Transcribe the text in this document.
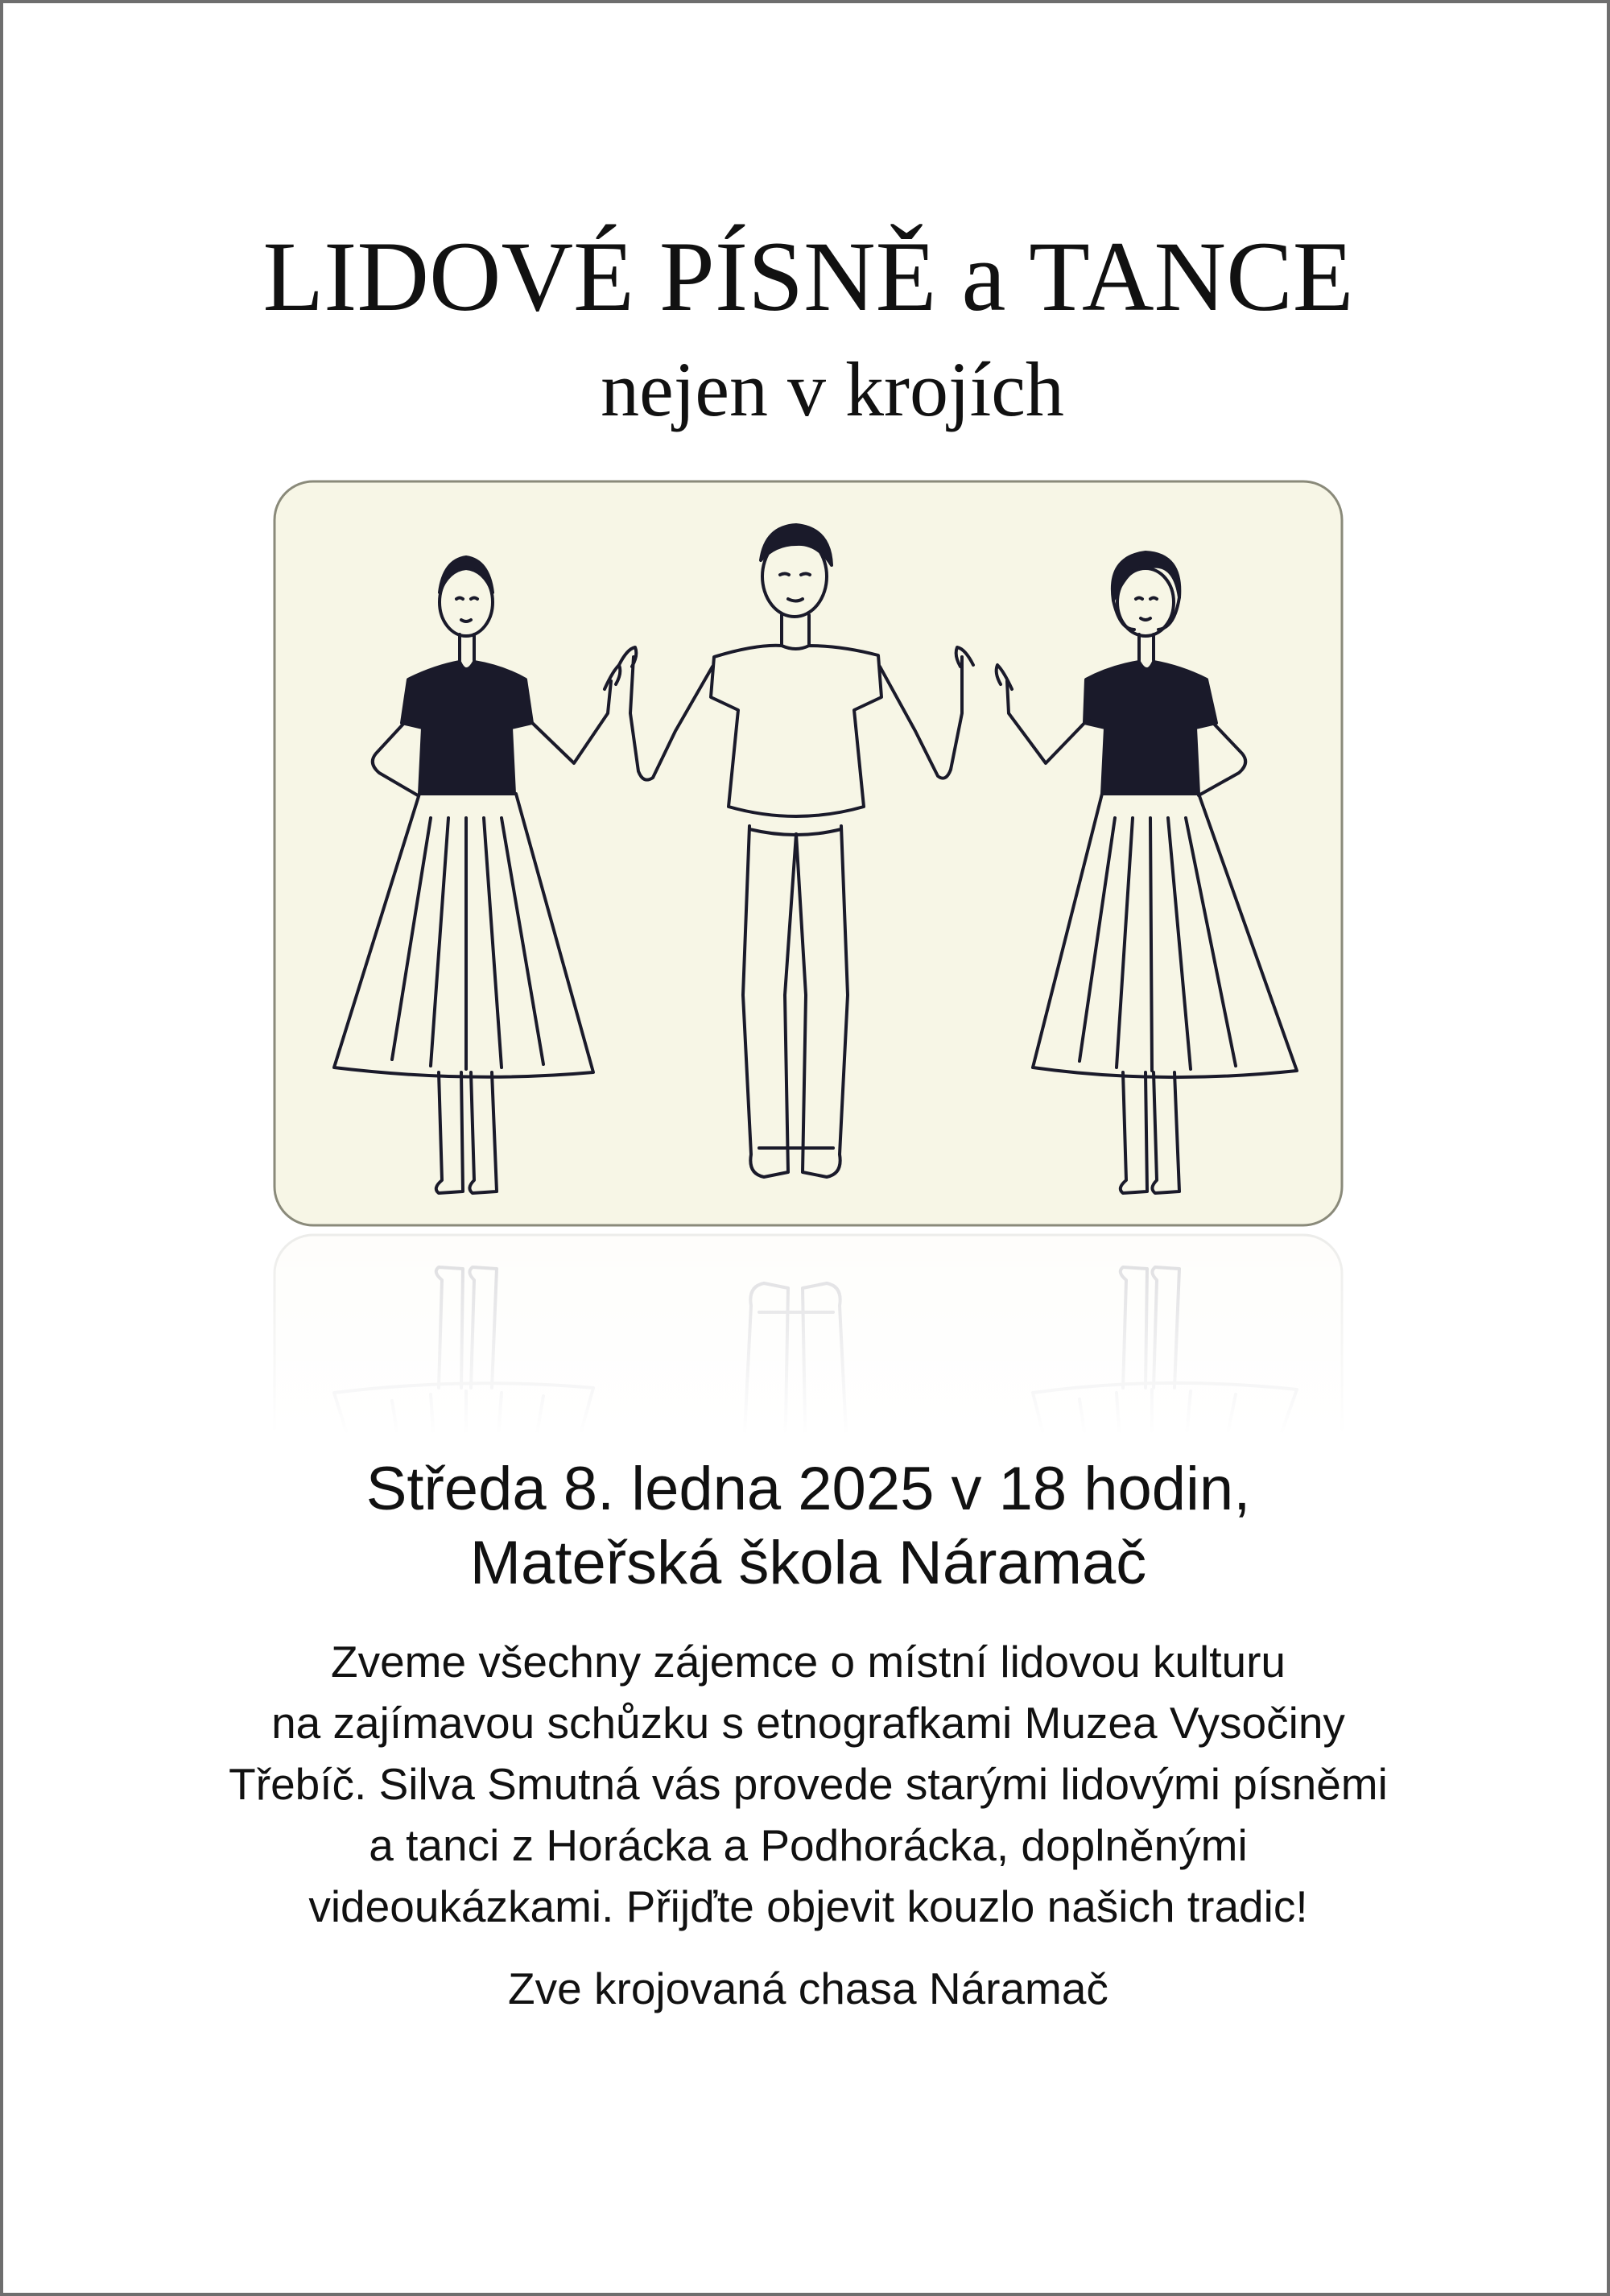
LIDOVÉ PÍSNĚ a TANCE
nejen v krojích
Středa 8. ledna 2025 v 18 hodin,
Mateřská škola Náramač
Zveme všechny zájemce o místní lidovou kulturu
na zajímavou schůzku s etnografkami Muzea Vysočiny
Třebíč. Silva Smutná vás provede starými lidovými písněmi
a tanci z Horácka a Podhorácka, doplněnými
videoukázkami. Přijďte objevit kouzlo našich tradic!
Zve krojovaná chasa Náramač
